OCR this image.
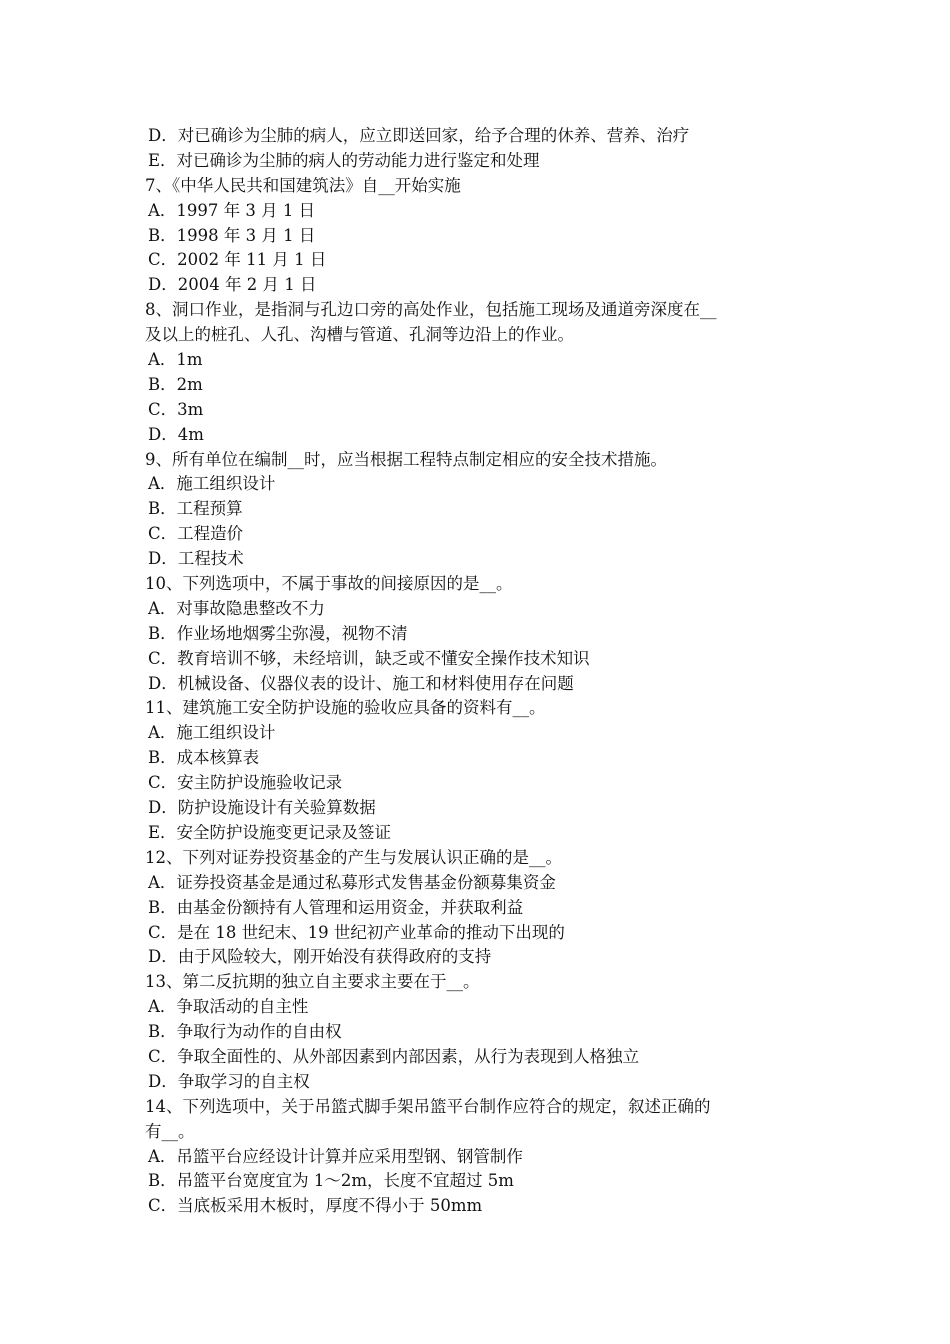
D．对已确诊为尘肺的病人，应立即送回家，给予合理的休养、营养、治疗
E．对已确诊为尘肺的病人的劳动能力进行鉴定和处理
7、《中华人民共和国建筑法》自__开始实施
A．1997 年 3 月 1 日
B．1998 年 3 月 1 日
C．2002 年 11 月 1 日
D．2004 年 2 月 1 日
8、洞口作业，是指洞与孔边口旁的高处作业，包括施工现场及通道旁深度在__
及以上的桩孔、人孔、沟槽与管道、孔洞等边沿上的作业。
A．1m
B．2m
C．3m
D．4m
9、所有单位在编制__时，应当根据工程特点制定相应的安全技术措施。
A．施工组织设计
B．工程预算
C．工程造价
D．工程技术
10、下列选项中，不属于事故的间接原因的是__。
A．对事故隐患整改不力
B．作业场地烟雾尘弥漫，视物不清
C．教育培训不够，未经培训，缺乏或不懂安全操作技术知识
D．机械设备、仪器仪表的设计、施工和材料使用存在问题
11、建筑施工安全防护设施的验收应具备的资料有__。
A．施工组织设计
B．成本核算表
C．安主防护设施验收记录
D．防护设施设计有关验算数据
E．安全防护设施变更记录及签证
12、下列对证券投资基金的产生与发展认识正确的是__。
A．证券投资基金是通过私募形式发售基金份额募集资金
B．由基金份额持有人管理和运用资金，并获取利益
C．是在 18 世纪末、19 世纪初产业革命的推动下出现的
D．由于风险较大，刚开始没有获得政府的支持
13、第二反抗期的独立自主要求主要在于__。
A．争取活动的自主性
B．争取行为动作的自由权
C．争取全面性的、从外部因素到内部因素，从行为表现到人格独立
D．争取学习的自主权
14、下列选项中，关于吊篮式脚手架吊篮平台制作应符合的规定，叙述正确的
有__。
A．吊篮平台应经设计计算并应采用型钢、钢管制作
B．吊篮平台宽度宜为 1～2m，长度不宜超过 5m
C．当底板采用木板时，厚度不得小于 50mm
